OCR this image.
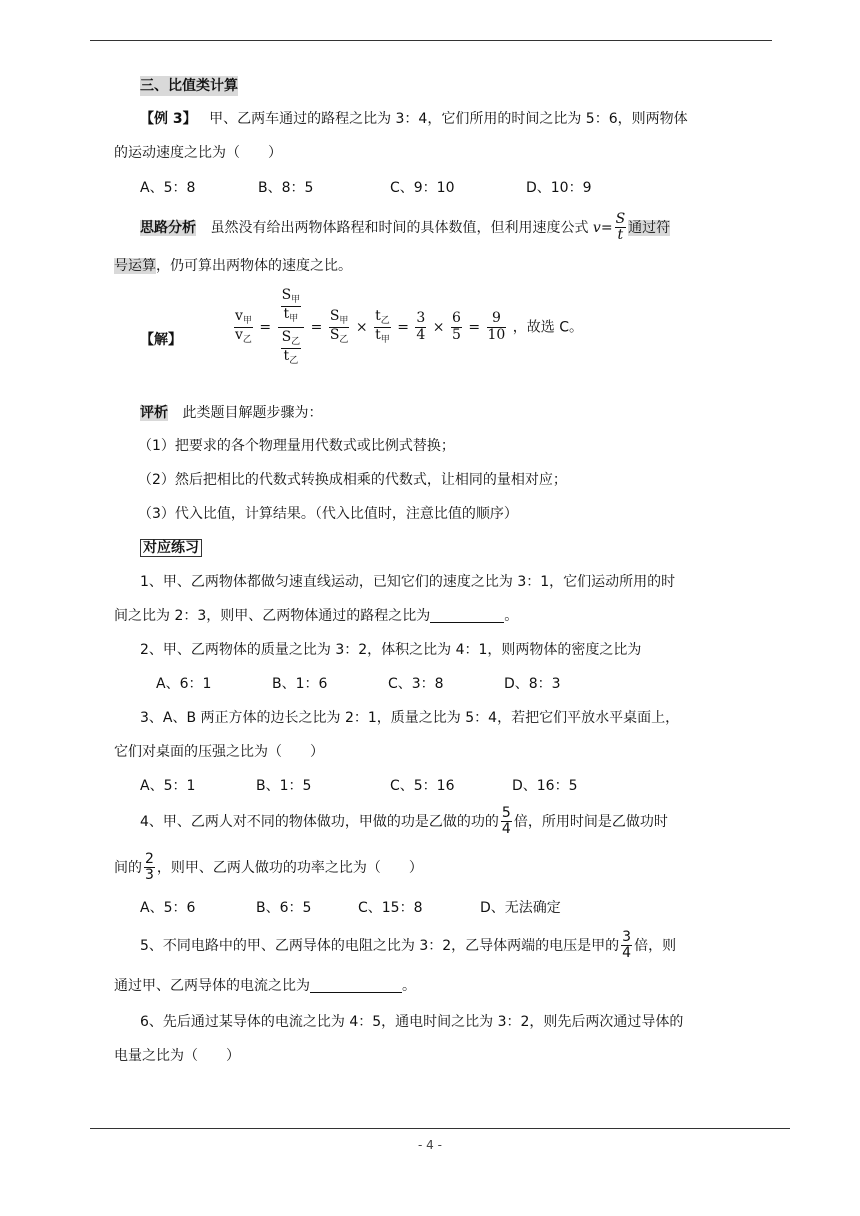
三、比值类计算
【例 3】 甲、乙两车通过的路程之比为 3：4，它们所用的时间之比为 5：6，则两物体
的运动速度之比为（　　）
A、5：8	B、8：5	C、9：10	D、10：9
思路分析 虽然没有给出两物体路程和时间的具体数值，但利用速度公式 $v= \frac{S}{t}$ 通过符
号运算，仍可算出两物体的速度之比。
【解】	$\frac{v_甲}{v_乙} = \frac{\frac{S_甲}{t_甲}}{\frac{S_乙}{t_乙}} = \frac{S_甲}{S_乙} \times \frac{t_乙}{t_甲} = \frac{3}{4} \times \frac{6}{5} = \frac{9}{10}$ ，故选 C。
评析 此类题目解题步骤为：
（1）把要求的各个物理量用代数式或比例式替换；
（2）然后把相比的代数式转换成相乘的代数式，让相同的量相对应；
（3）代入比值，计算结果。（代入比值时，注意比值的顺序）
对应练习
1、甲、乙两物体都做匀速直线运动，已知它们的速度之比为 3：1，它们运动所用的时
间之比为 2：3，则甲、乙两物体通过的路程之比为	。
2、甲、乙两物体的质量之比为 3：2，体积之比为 4：1，则两物体的密度之比为
A、6：1	B、1：6	C、3：8	D、8：3
3、A、B 两正方体的边长之比为 2：1，质量之比为 5：4，若把它们平放水平桌面上，
它们对桌面的压强之比为（　　）
A、5：1	B、1：5	C、5：16	D、16：5
4、甲、乙两人对不同的物体做功，甲做的功是乙做的功的 $\frac{5}{4}$ 倍，所用时间是乙做功时
间的 $\frac{2}{3}$ ，则甲、乙两人做功的功率之比为（　　）
A、5：6	B、6：5	C、15：8	D、无法确定
5、不同电路中的甲、乙两导体的电阻之比为 3：2，乙导体两端的电压是甲的 $\frac{3}{4}$ 倍，则
通过甲、乙两导体的电流之比为	。
6、先后通过某导体的电流之比为 4：5，通电时间之比为 3：2，则先后两次通过导体的
电量之比为（　　）
- 4 -
